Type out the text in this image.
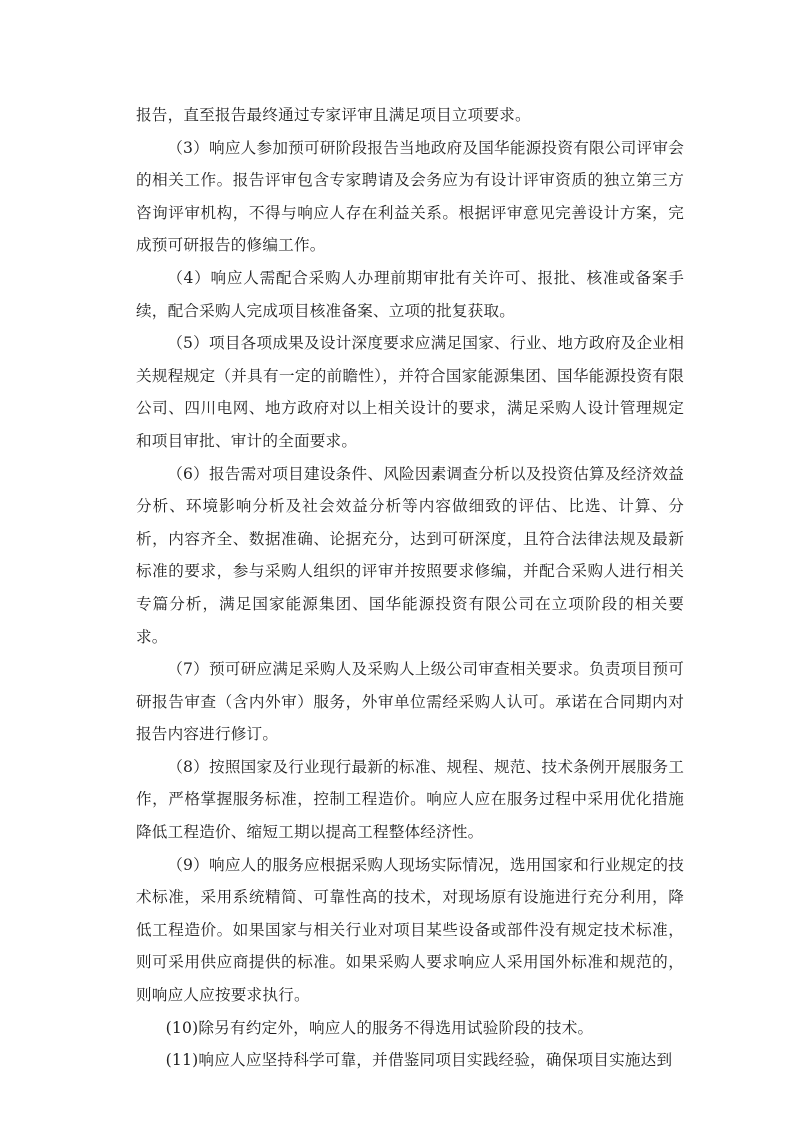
报告，直至报告最终通过专家评审且满足项目立项要求。

（3）响应人参加预可研阶段报告当地政府及国华能源投资有限公司评审会的相关工作。报告评审包含专家聘请及会务应为有设计评审资质的独立第三方咨询评审机构，不得与响应人存在利益关系。根据评审意见完善设计方案，完成预可研报告的修编工作。

（4）响应人需配合采购人办理前期审批有关许可、报批、核准或备案手续，配合采购人完成项目核准备案、立项的批复获取。

（5）项目各项成果及设计深度要求应满足国家、行业、地方政府及企业相关规程规定（并具有一定的前瞻性），并符合国家能源集团、国华能源投资有限公司、四川电网、地方政府对以上相关设计的要求，满足采购人设计管理规定和项目审批、审计的全面要求。

（6）报告需对项目建设条件、风险因素调查分析以及投资估算及经济效益分析、环境影响分析及社会效益分析等内容做细致的评估、比选、计算、分析，内容齐全、数据准确、论据充分，达到可研深度，且符合法律法规及最新标准的要求，参与采购人组织的评审并按照要求修编，并配合采购人进行相关专篇分析，满足国家能源集团、国华能源投资有限公司在立项阶段的相关要求。

（7）预可研应满足采购人及采购人上级公司审查相关要求。负责项目预可研报告审查（含内外审）服务，外审单位需经采购人认可。承诺在合同期内对报告内容进行修订。

（8）按照国家及行业现行最新的标准、规程、规范、技术条例开展服务工作，严格掌握服务标准，控制工程造价。响应人应在服务过程中采用优化措施降低工程造价、缩短工期以提高工程整体经济性。

（9）响应人的服务应根据采购人现场实际情况，选用国家和行业规定的技术标准，采用系统精简、可靠性高的技术，对现场原有设施进行充分利用，降低工程造价。如果国家与相关行业对项目某些设备或部件没有规定技术标准，则可采用供应商提供的标准。如果采购人要求响应人采用国外标准和规范的，则响应人应按要求执行。

(10)除另有约定外，响应人的服务不得选用试验阶段的技术。

(11)响应人应坚持科学可靠，并借鉴同项目实践经验，确保项目实施达到
